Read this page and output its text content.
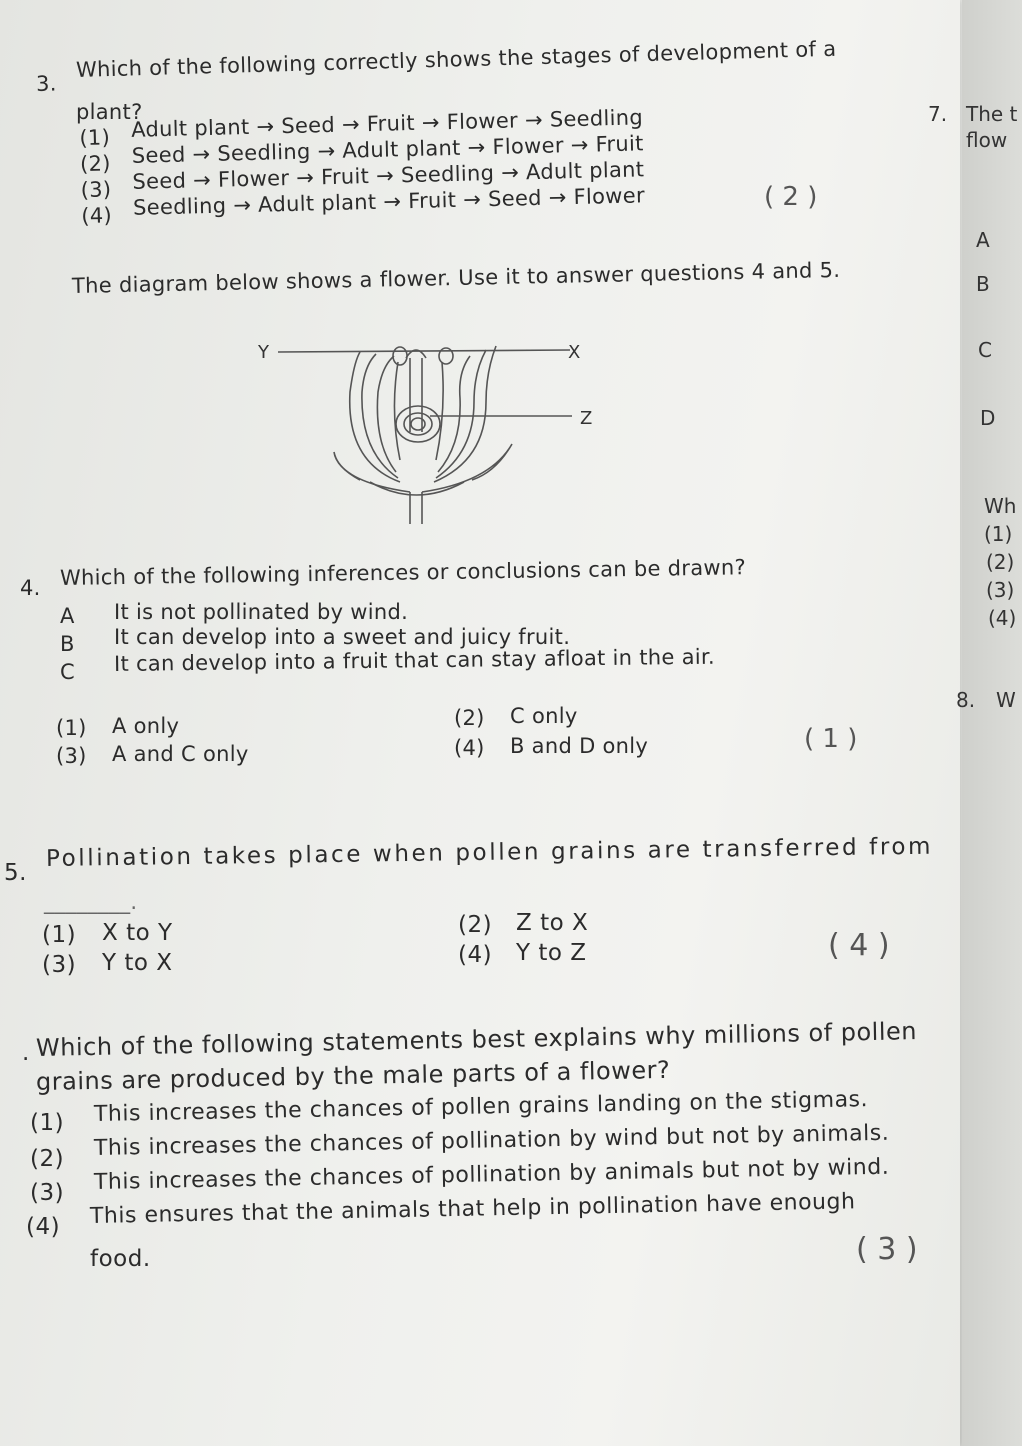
3.
Which of the following correctly shows the stages of development of a
plant?
(1) Adult plant → Seed → Fruit → Flower → Seedling
(2) Seed → Seedling → Adult plant → Flower → Fruit
(3) Seed → Flower → Fruit → Seedling → Adult plant
(4) Seedling → Adult plant → Fruit → Seed → Flower	( 2 )
The diagram below shows a flower. Use it to answer questions 4 and 5.
Y	X
Z
4. Which of the following inferences or conclusions can be drawn?
A It is not pollinated by wind.
B It can develop into a sweet and juicy fruit.
C It can develop into a fruit that can stay afloat in the air.
(1) A only	(2) C only
(3) A and C only	(4) B and D only	( 1 )
5.
Pollination takes place when pollen grains are transferred from
________.
(1) X to Y	(2) Z to X
(3) Y to X	(4) Y to Z	( 4 )
. Which of the following statements best explains why millions of pollen
grains are produced by the male parts of a flower?
(1) This increases the chances of pollen grains landing on the stigmas.
(2) This increases the chances of pollination by wind but not by animals.
(3) This increases the chances of pollination by animals but not by wind.
(4) This ensures that the animals that help in pollination have enough
food.	( 3 )
7. The t
flow
A
B
C
D
Wh
(1)
(2)
(3)
(4)
8. W
